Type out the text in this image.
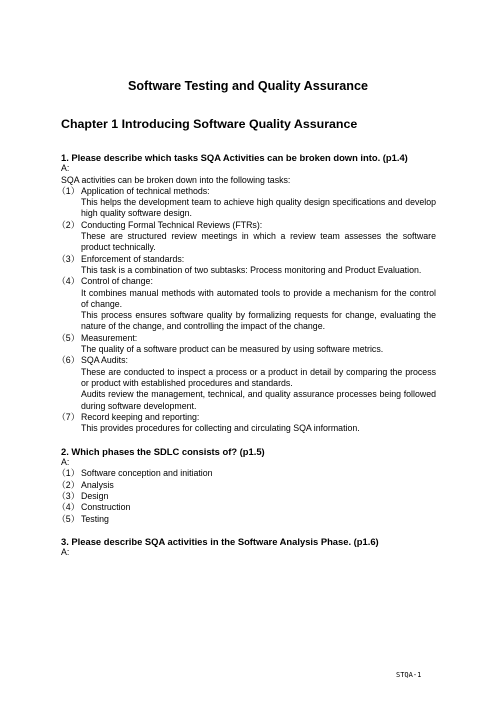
Software Testing and Quality Assurance
Chapter 1 Introducing Software Quality Assurance
1. Please describe which tasks SQA Activities can be broken down into. (p1.4)
A:
SQA activities can be broken down into the following tasks:
（1） Application of technical methods:
This helps the development team to achieve high quality design specifications and develop high quality software design.
（2） Conducting Formal Technical Reviews (FTRs):
These are structured review meetings in which a review team assesses the software product technically.
（3） Enforcement of standards:
This task is a combination of two subtasks: Process monitoring and Product Evaluation.
（4） Control of change:
It combines manual methods with automated tools to provide a mechanism for the control of change.
This process ensures software quality by formalizing requests for change, evaluating the nature of the change, and controlling the impact of the change.
（5） Measurement:
The quality of a software product can be measured by using software metrics.
（6） SQA Audits:
These are conducted to inspect a process or a product in detail by comparing the process or product with established procedures and standards.
Audits review the management, technical, and quality assurance processes being followed during software development.
（7） Record keeping and reporting:
This provides procedures for collecting and circulating SQA information.
2. Which phases the SDLC consists of? (p1.5)
A:
（1） Software conception and initiation
（2） Analysis
（3） Design
（4） Construction
（5） Testing
3. Please describe SQA activities in the Software Analysis Phase. (p1.6)
A:
STQA-1
